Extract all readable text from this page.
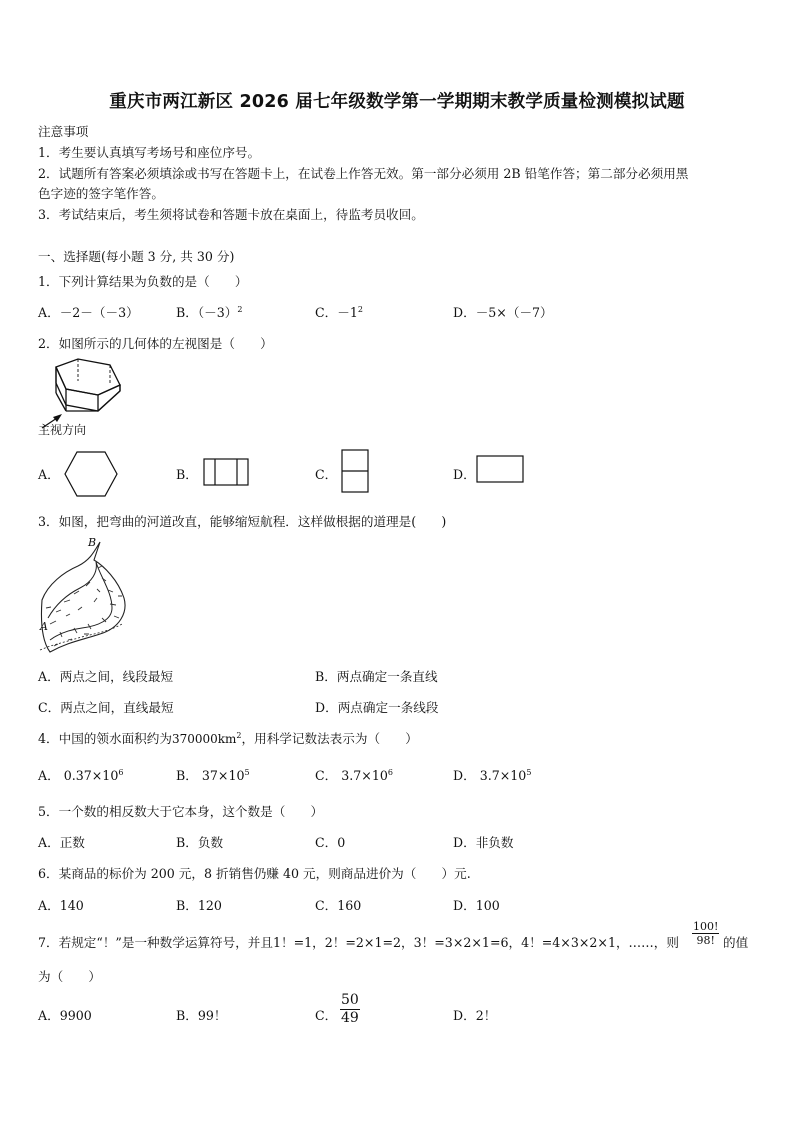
重庆市两江新区 2026 届七年级数学第一学期期末教学质量检测模拟试题
注意事项
1．考生要认真填写考场号和座位序号。
2．试题所有答案必须填涂或书写在答题卡上，在试卷上作答无效。第一部分必须用 2B 铅笔作答；第二部分必须用黑
色字迹的签字笔作答。
3．考试结束后，考生须将试卷和答题卡放在桌面上，待监考员收回。
一、选择题(每小题 3 分, 共 30 分)
1．下列计算结果为负数的是（　　）
A．－2－（－3）	B．$(-3)^2$	C．$-1^2$	D．－5×（－7）
2．如图所示的几何体的左视图是（　　）
主视方向
A．	B．	C．	D．
3．如图，把弯曲的河道改直，能够缩短航程．这样做根据的道理是(　　)
B
A
A．两点之间，线段最短	B．两点确定一条直线
C．两点之间，直线最短	D．两点确定一条线段
4．中国的领水面积约为$370000km^2$，用科学记数法表示为（　　）
A． $0.37\times 10^6$	B． $37\times 10^5$	C． $3.7\times 10^6$	D． $3.7\times 10^5$
5．一个数的相反数大于它本身，这个数是（　　）
A．正数	B．负数	C．0	D．非负数
6．某商品的标价为 200 元，8 折销售仍赚 40 元，则商品进价为（　　）元.
A．140	B．120	C．160	D．100
7．若规定“！”是一种数学运算符号，并且1！=1，2！=2×1=2，3！=3×2×1=6，4！=4×3×2×1，……，则 $\frac{100!}{98!}$ 的值
为（　　）
A．9900	B．99！	C． $\frac{50}{49}$	D．2！
